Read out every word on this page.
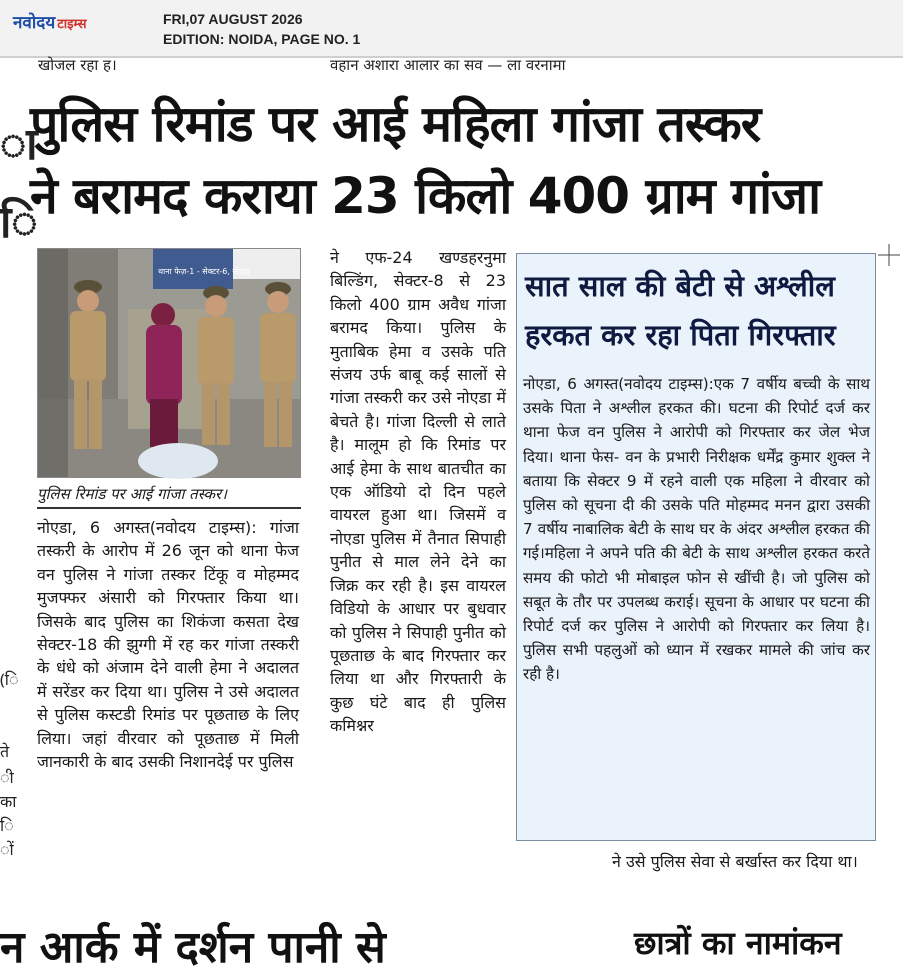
नवोदय टाइम्स	FRI,07 AUGUST 2026
EDITION: NOIDA, PAGE NO. 1
खोजल रहा ह।	वहान अशारा आलार का सव — ला वरनामा
ा
ि
(ि
ते
ी
का
ि
ों
पुलिस रिमांड पर आई महिला गांजा तस्कर
ने बरामद कराया 23 किलो 400 ग्राम गांजा
थाना फेज़-1 - सेक्टर-6, नोएडा
पुलिस रिमांड पर आई गांजा तस्कर।
नोएडा, 6 अगस्त(नवोदय टाइम्स): गांजा तस्करी के आरोप में 26 जून को थाना फेज वन पुलिस ने गांजा तस्कर टिंकू व मोहम्मद मुजफ्फर अंसारी को गिरफ्तार किया था। जिसके बाद पुलिस का शिकंजा कसता देख सेक्टर-18 की झुग्गी में रह कर गांजा तस्करी के धंधे को अंजाम देने वाली हेमा ने अदालत में सरेंडर कर दिया था। पुलिस ने उसे अदालत से पुलिस कस्टडी रिमांड पर पूछताछ के लिए लिया। जहां वीरवार को पूछताछ में मिली जानकारी के बाद उसकी निशानदेई पर पुलिस
ने एफ-24 खण्डहरनुमा बिल्डिंग, सेक्टर-8 से 23 किलो 400 ग्राम अवैध गांजा बरामद किया। पुलिस के मुताबिक हेमा व उसके पति संजय उर्फ बाबू कई सालों से गांजा तस्करी कर उसे नोएडा में बेचते है। गांजा दिल्ली से लाते है। मालूम हो कि रिमांड पर आई हेमा के साथ बातचीत का एक ऑडियो दो दिन पहले वायरल हुआ था। जिसमें व नोएडा पुलिस में तैनात सिपाही पुनीत से माल लेने देने का जिक्र कर रही है। इस वायरल विडियो के आधार पर बुधवार को पुलिस ने सिपाही पुनीत को पूछताछ के बाद गिरफ्तार कर लिया था और गिरफ्तारी के कुछ घंटे बाद ही पुलिस कमिश्नर
ने उसे पुलिस सेवा से बर्खास्त कर दिया था।
सात साल की बेटी से अश्लील हरकत कर रहा पिता गिरफ्तार
नोएडा, 6 अगस्त(नवोदय टाइम्स):एक 7 वर्षीय बच्ची के साथ उसके पिता ने अश्लील हरकत की। घटना की रिपोर्ट दर्ज कर थाना फेज वन पुलिस ने आरोपी को गिरफ्तार कर जेल भेज दिया। थाना फेस- वन के प्रभारी निरीक्षक धर्मेंद्र कुमार शुक्ल ने बताया कि सेक्टर 9 में रहने वाली एक महिला ने वीरवार को पुलिस को सूचना दी की उसके पति मोहम्मद मनन द्वारा उसकी 7 वर्षीय नाबालिक बेटी के साथ घर के अंदर अश्लील हरकत की गई।महिला ने अपने पति की बेटी के साथ अश्लील हरकत करते समय की फोटो भी मोबाइल फोन से खींची है। जो पुलिस को सबूत के तौर पर उपलब्ध कराई। सूचना के आधार पर घटना की रिपोर्ट दर्ज कर पुलिस ने आरोपी को गिरफ्तार कर लिया है। पुलिस सभी पहलुओं को ध्यान में रखकर मामले की जांच कर रही है।
न आर्क में दर्शन पानी से	छात्रों का नामांकन
